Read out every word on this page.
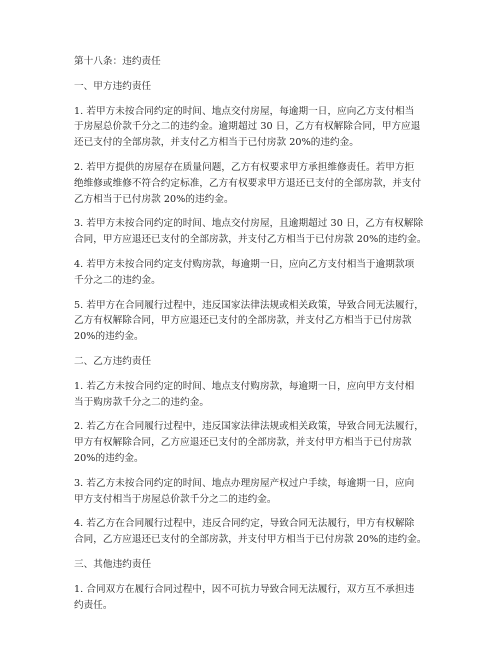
第十八条：违约责任

一、甲方违约责任

1. 若甲方未按合同约定的时间、地点交付房屋，每逾期一日，应向乙方支付相当
于房屋总价款千分之二的违约金。逾期超过 30 日，乙方有权解除合同，甲方应退
还已支付的全部房款，并支付乙方相当于已付房款 20%的违约金。

2. 若甲方提供的房屋存在质量问题，乙方有权要求甲方承担维修责任。若甲方拒
绝维修或维修不符合约定标准，乙方有权要求甲方退还已支付的全部房款，并支付
乙方相当于已付房款 20%的违约金。

3. 若甲方未按合同约定的时间、地点交付房屋，且逾期超过 30 日，乙方有权解除
合同，甲方应退还已支付的全部房款，并支付乙方相当于已付房款 20%的违约金。

4. 若甲方未按合同约定支付购房款，每逾期一日，应向乙方支付相当于逾期款项
千分之二的违约金。

5. 若甲方在合同履行过程中，违反国家法律法规或相关政策，导致合同无法履行，
乙方有权解除合同，甲方应退还已支付的全部房款，并支付乙方相当于已付房款
20%的违约金。

二、乙方违约责任

1. 若乙方未按合同约定的时间、地点支付购房款，每逾期一日，应向甲方支付相
当于购房款千分之二的违约金。

2. 若乙方在合同履行过程中，违反国家法律法规或相关政策，导致合同无法履行，
甲方有权解除合同，乙方应退还已支付的全部房款，并支付甲方相当于已付房款
20%的违约金。

3. 若乙方未按合同约定的时间、地点办理房屋产权过户手续，每逾期一日，应向
甲方支付相当于房屋总价款千分之二的违约金。

4. 若乙方在合同履行过程中，违反合同约定，导致合同无法履行，甲方有权解除
合同，乙方应退还已支付的全部房款，并支付甲方相当于已付房款 20%的违约金。

三、其他违约责任

1. 合同双方在履行合同过程中，因不可抗力导致合同无法履行，双方互不承担违
约责任。
